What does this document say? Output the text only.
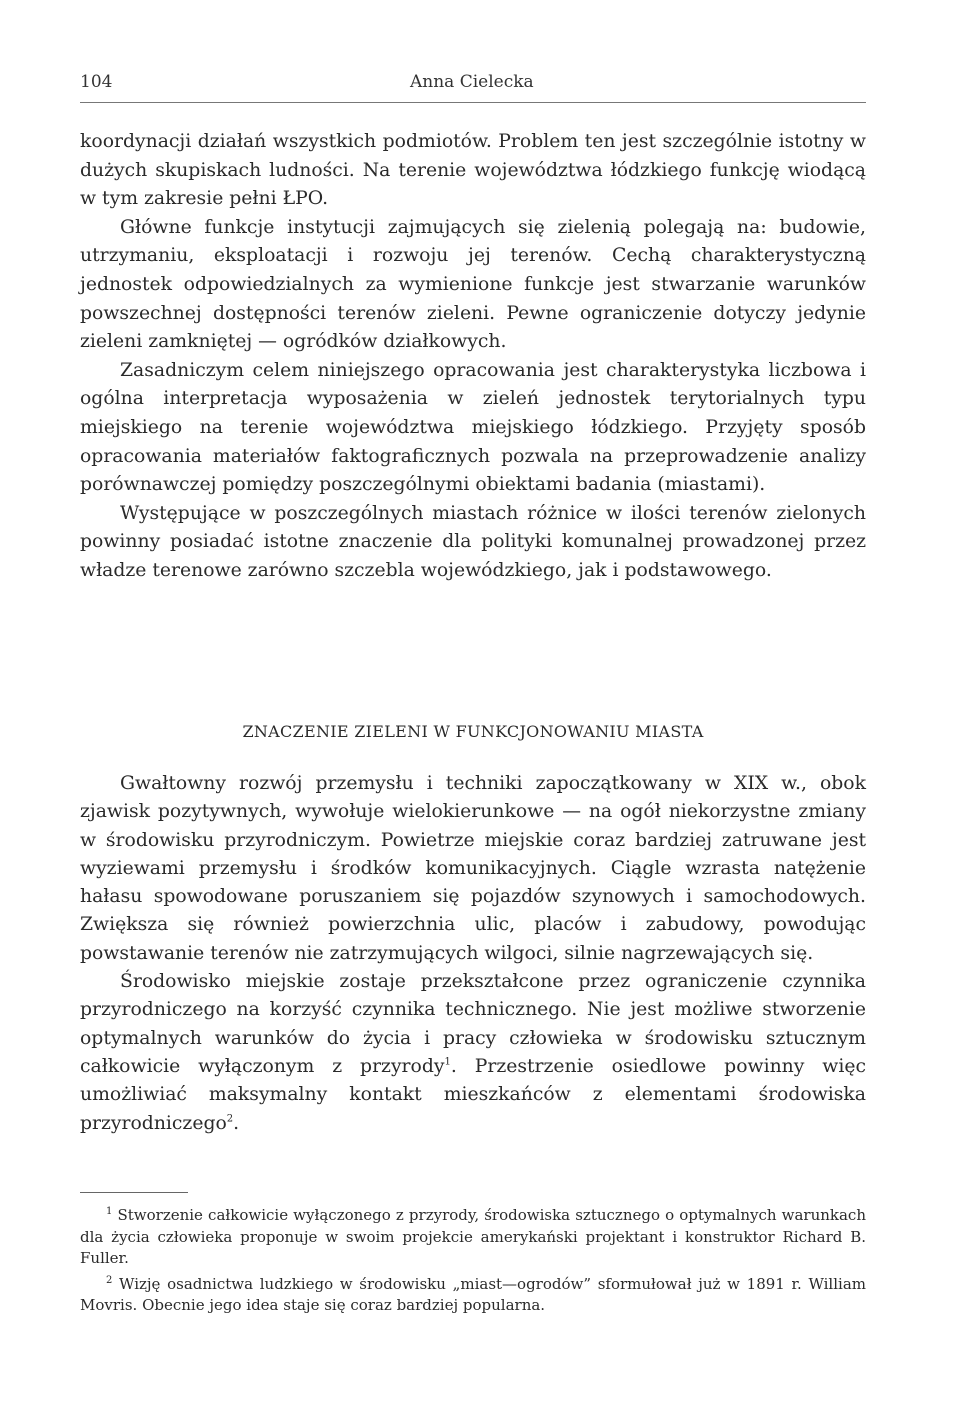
104	Anna Cielecka

koordynacji działań wszystkich podmiotów. Problem ten jest szczególnie istotny w dużych skupiskach ludności. Na terenie województwa łódzkiego funkcję wiodącą w tym zakresie pełni ŁPO.

Główne funkcje instytucji zajmujących się zielenią polegają na: budowie, utrzymaniu, eksploatacji i rozwoju jej terenów. Cechą charakterystyczną jednostek odpowiedzialnych za wymienione funkcje jest stwarzanie warunków powszechnej dostępności terenów zieleni. Pewne ograniczenie dotyczy jedynie zieleni zamkniętej — ogródków działkowych.

Zasadniczym celem niniejszego opracowania jest charakterystyka liczbowa i ogólna interpretacja wyposażenia w zieleń jednostek terytorialnych typu miejskiego na terenie województwa miejskiego łódzkiego. Przyjęty sposób opracowania materiałów faktograficznych pozwala na przeprowadzenie analizy porównawczej pomiędzy poszczególnymi obiektami badania (miastami).

Występujące w poszczególnych miastach różnice w ilości terenów zielonych powinny posiadać istotne znaczenie dla polityki komunalnej prowadzonej przez władze terenowe zarówno szczebla wojewódzkiego, jak i podstawowego.

ZNACZENIE ZIELENI W FUNKCJONOWANIU MIASTA

Gwałtowny rozwój przemysłu i techniki zapoczątkowany w XIX w., obok zjawisk pozytywnych, wywołuje wielokierunkowe — na ogół niekorzystne zmiany w środowisku przyrodniczym. Powietrze miejskie coraz bardziej zatruwane jest wyziewami przemysłu i środków komunikacyjnych. Ciągle wzrasta natężenie hałasu spowodowane poruszaniem się pojazdów szynowych i samochodowych. Zwiększa się również powierzchnia ulic, placów i zabudowy, powodując powstawanie terenów nie zatrzymujących wilgoci, silnie nagrzewających się.

Środowisko miejskie zostaje przekształcone przez ograniczenie czynnika przyrodniczego na korzyść czynnika technicznego. Nie jest możliwe stworzenie optymalnych warunków do życia i pracy człowieka w środowisku sztucznym całkowicie wyłączonym z przyrody$^1$. Przestrzenie osiedlowe powinny więc umożliwiać maksymalny kontakt mieszkańców z elementami środowiska przyrodniczego$^2$.

$^1$ Stworzenie całkowicie wyłączonego z przyrody, środowiska sztucznego o optymalnych warunkach dla życia człowieka proponuje w swoim projekcie amerykański projektant i konstruktor Richard B. Fuller.

$^2$ Wizję osadnictwa ludzkiego w środowisku „miast—ogrodów” sformułował już w 1891 r. William Movris. Obecnie jego idea staje się coraz bardziej popularna.
